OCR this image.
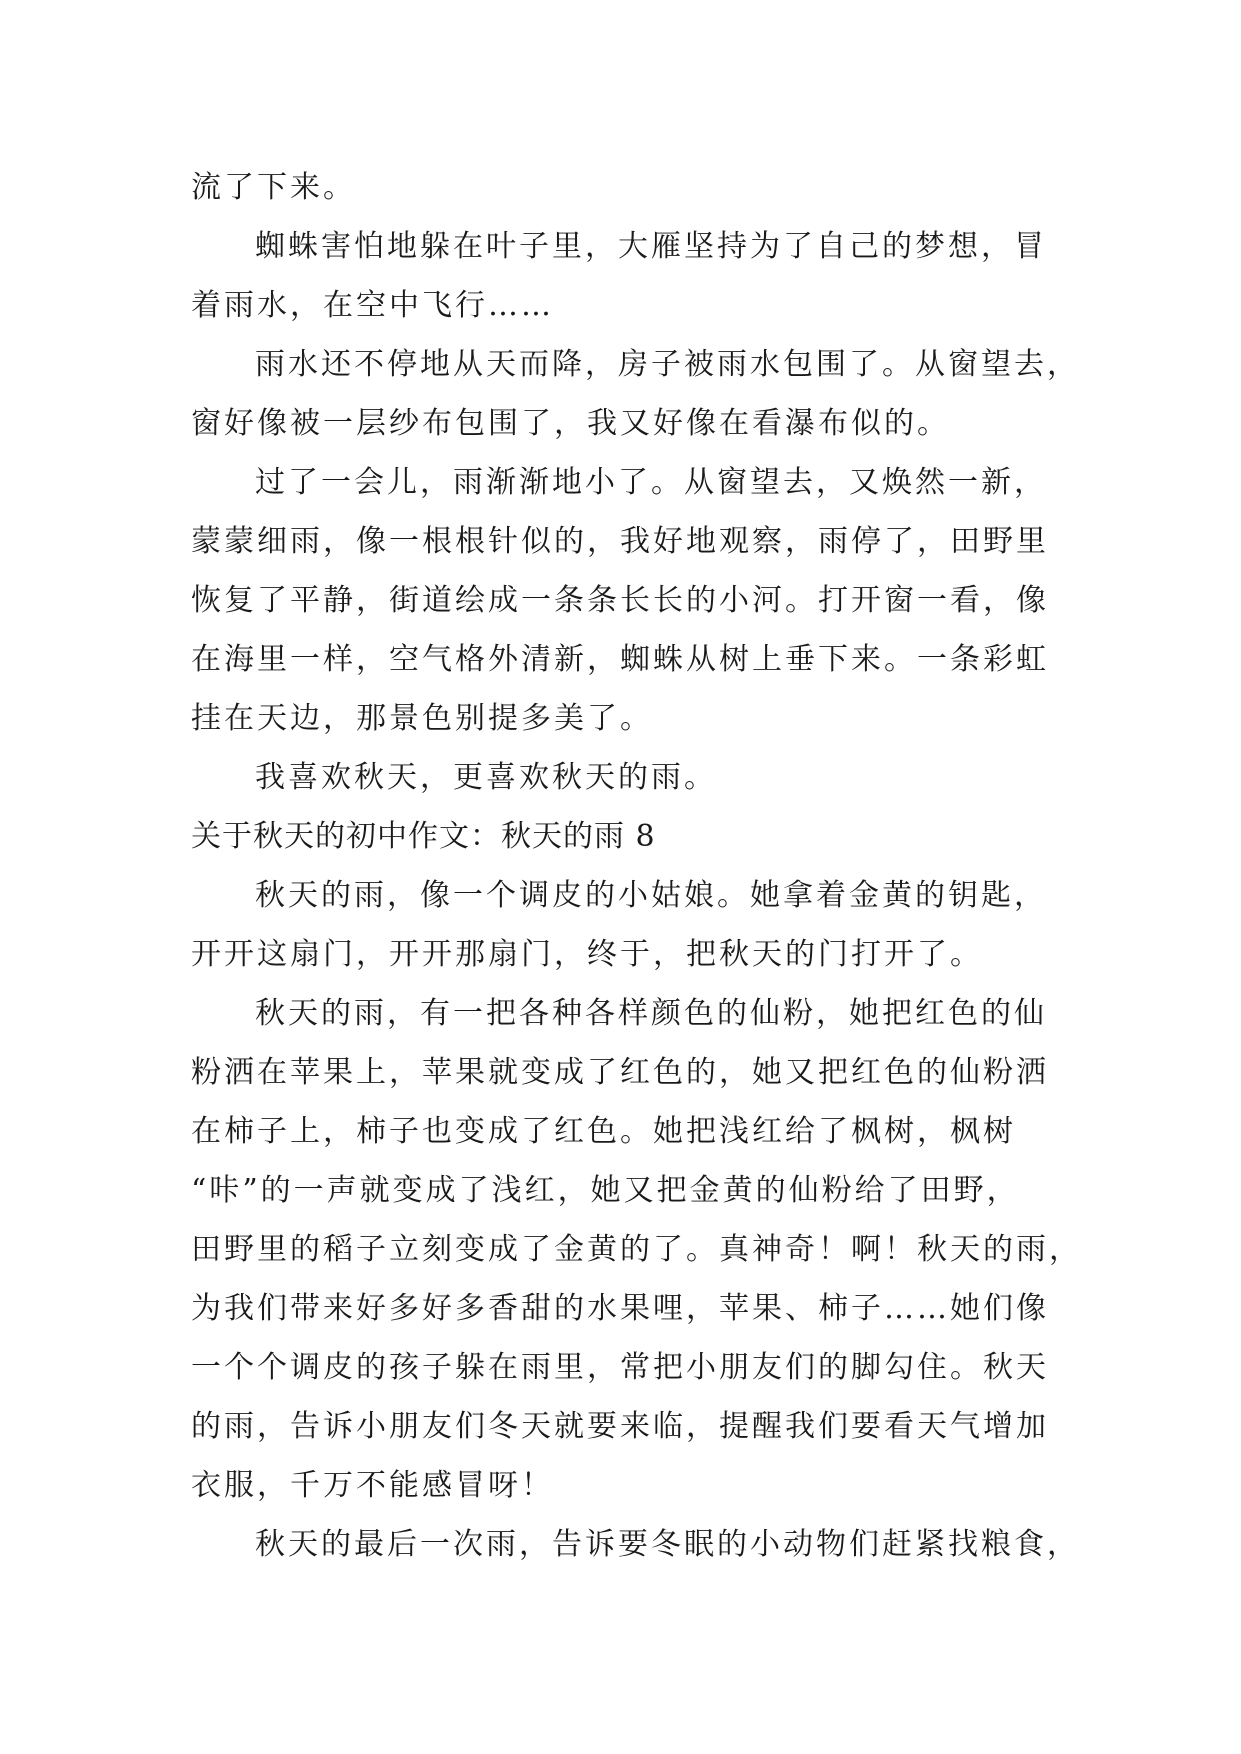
流了下来。
蜘蛛害怕地躲在叶子里，大雁坚持为了自己的梦想，冒
着雨水，在空中飞行……
雨水还不停地从天而降，房子被雨水包围了。从窗望去，
窗好像被一层纱布包围了，我又好像在看瀑布似的。
过了一会儿，雨渐渐地小了。从窗望去，又焕然一新，
蒙蒙细雨，像一根根针似的，我好地观察，雨停了，田野里
恢复了平静，街道绘成一条条长长的小河。打开窗一看，像
在海里一样，空气格外清新，蜘蛛从树上垂下来。一条彩虹
挂在天边，那景色别提多美了。
我喜欢秋天，更喜欢秋天的雨。
关于秋天的初中作文：秋天的雨 8
秋天的雨，像一个调皮的小姑娘。她拿着金黄的钥匙，
开开这扇门，开开那扇门，终于，把秋天的门打开了。
秋天的雨，有一把各种各样颜色的仙粉，她把红色的仙
粉洒在苹果上，苹果就变成了红色的，她又把红色的仙粉洒
在柿子上，柿子也变成了红色。她把浅红给了枫树，枫树
“咔”的一声就变成了浅红，她又把金黄的仙粉给了田野，
田野里的稻子立刻变成了金黄的了。真神奇！啊！秋天的雨，
为我们带来好多好多香甜的水果哩，苹果、柿子……她们像
一个个调皮的孩子躲在雨里，常把小朋友们的脚勾住。秋天
的雨，告诉小朋友们冬天就要来临，提醒我们要看天气增加
衣服，千万不能感冒呀！
秋天的最后一次雨，告诉要冬眠的小动物们赶紧找粮食，
